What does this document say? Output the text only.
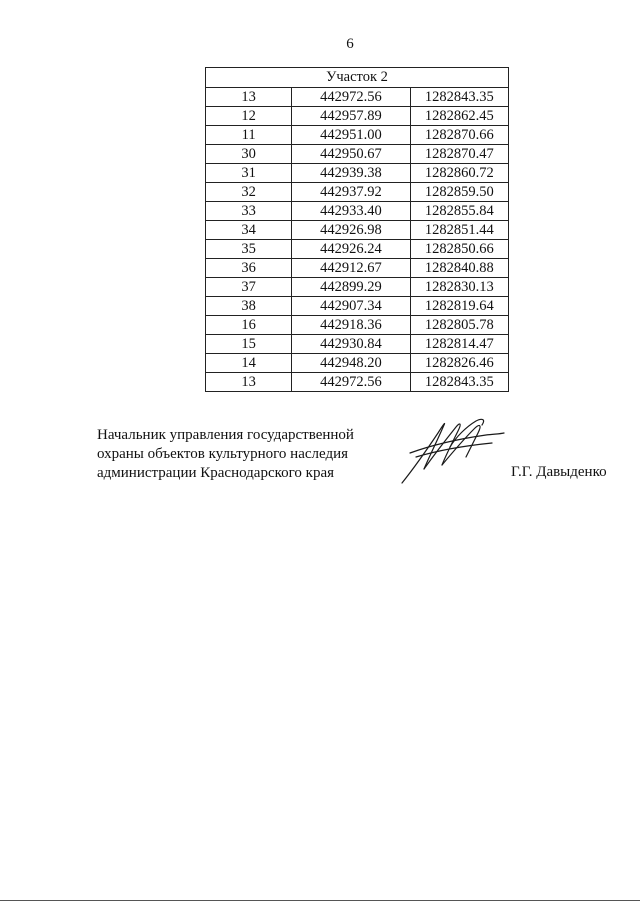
6
Участок 2		
13	442972.56	1282843.35
12	442957.89	1282862.45
11	442951.00	1282870.66
30	442950.67	1282870.47
31	442939.38	1282860.72
32	442937.92	1282859.50
33	442933.40	1282855.84
34	442926.98	1282851.44
35	442926.24	1282850.66
36	442912.67	1282840.88
37	442899.29	1282830.13
38	442907.34	1282819.64
16	442918.36	1282805.78
15	442930.84	1282814.47
14	442948.20	1282826.46
13	442972.56	1282843.35
Начальник управления государственной
охраны объектов культурного наследия
администрации Краснодарского края	Г.Г. Давыденко
